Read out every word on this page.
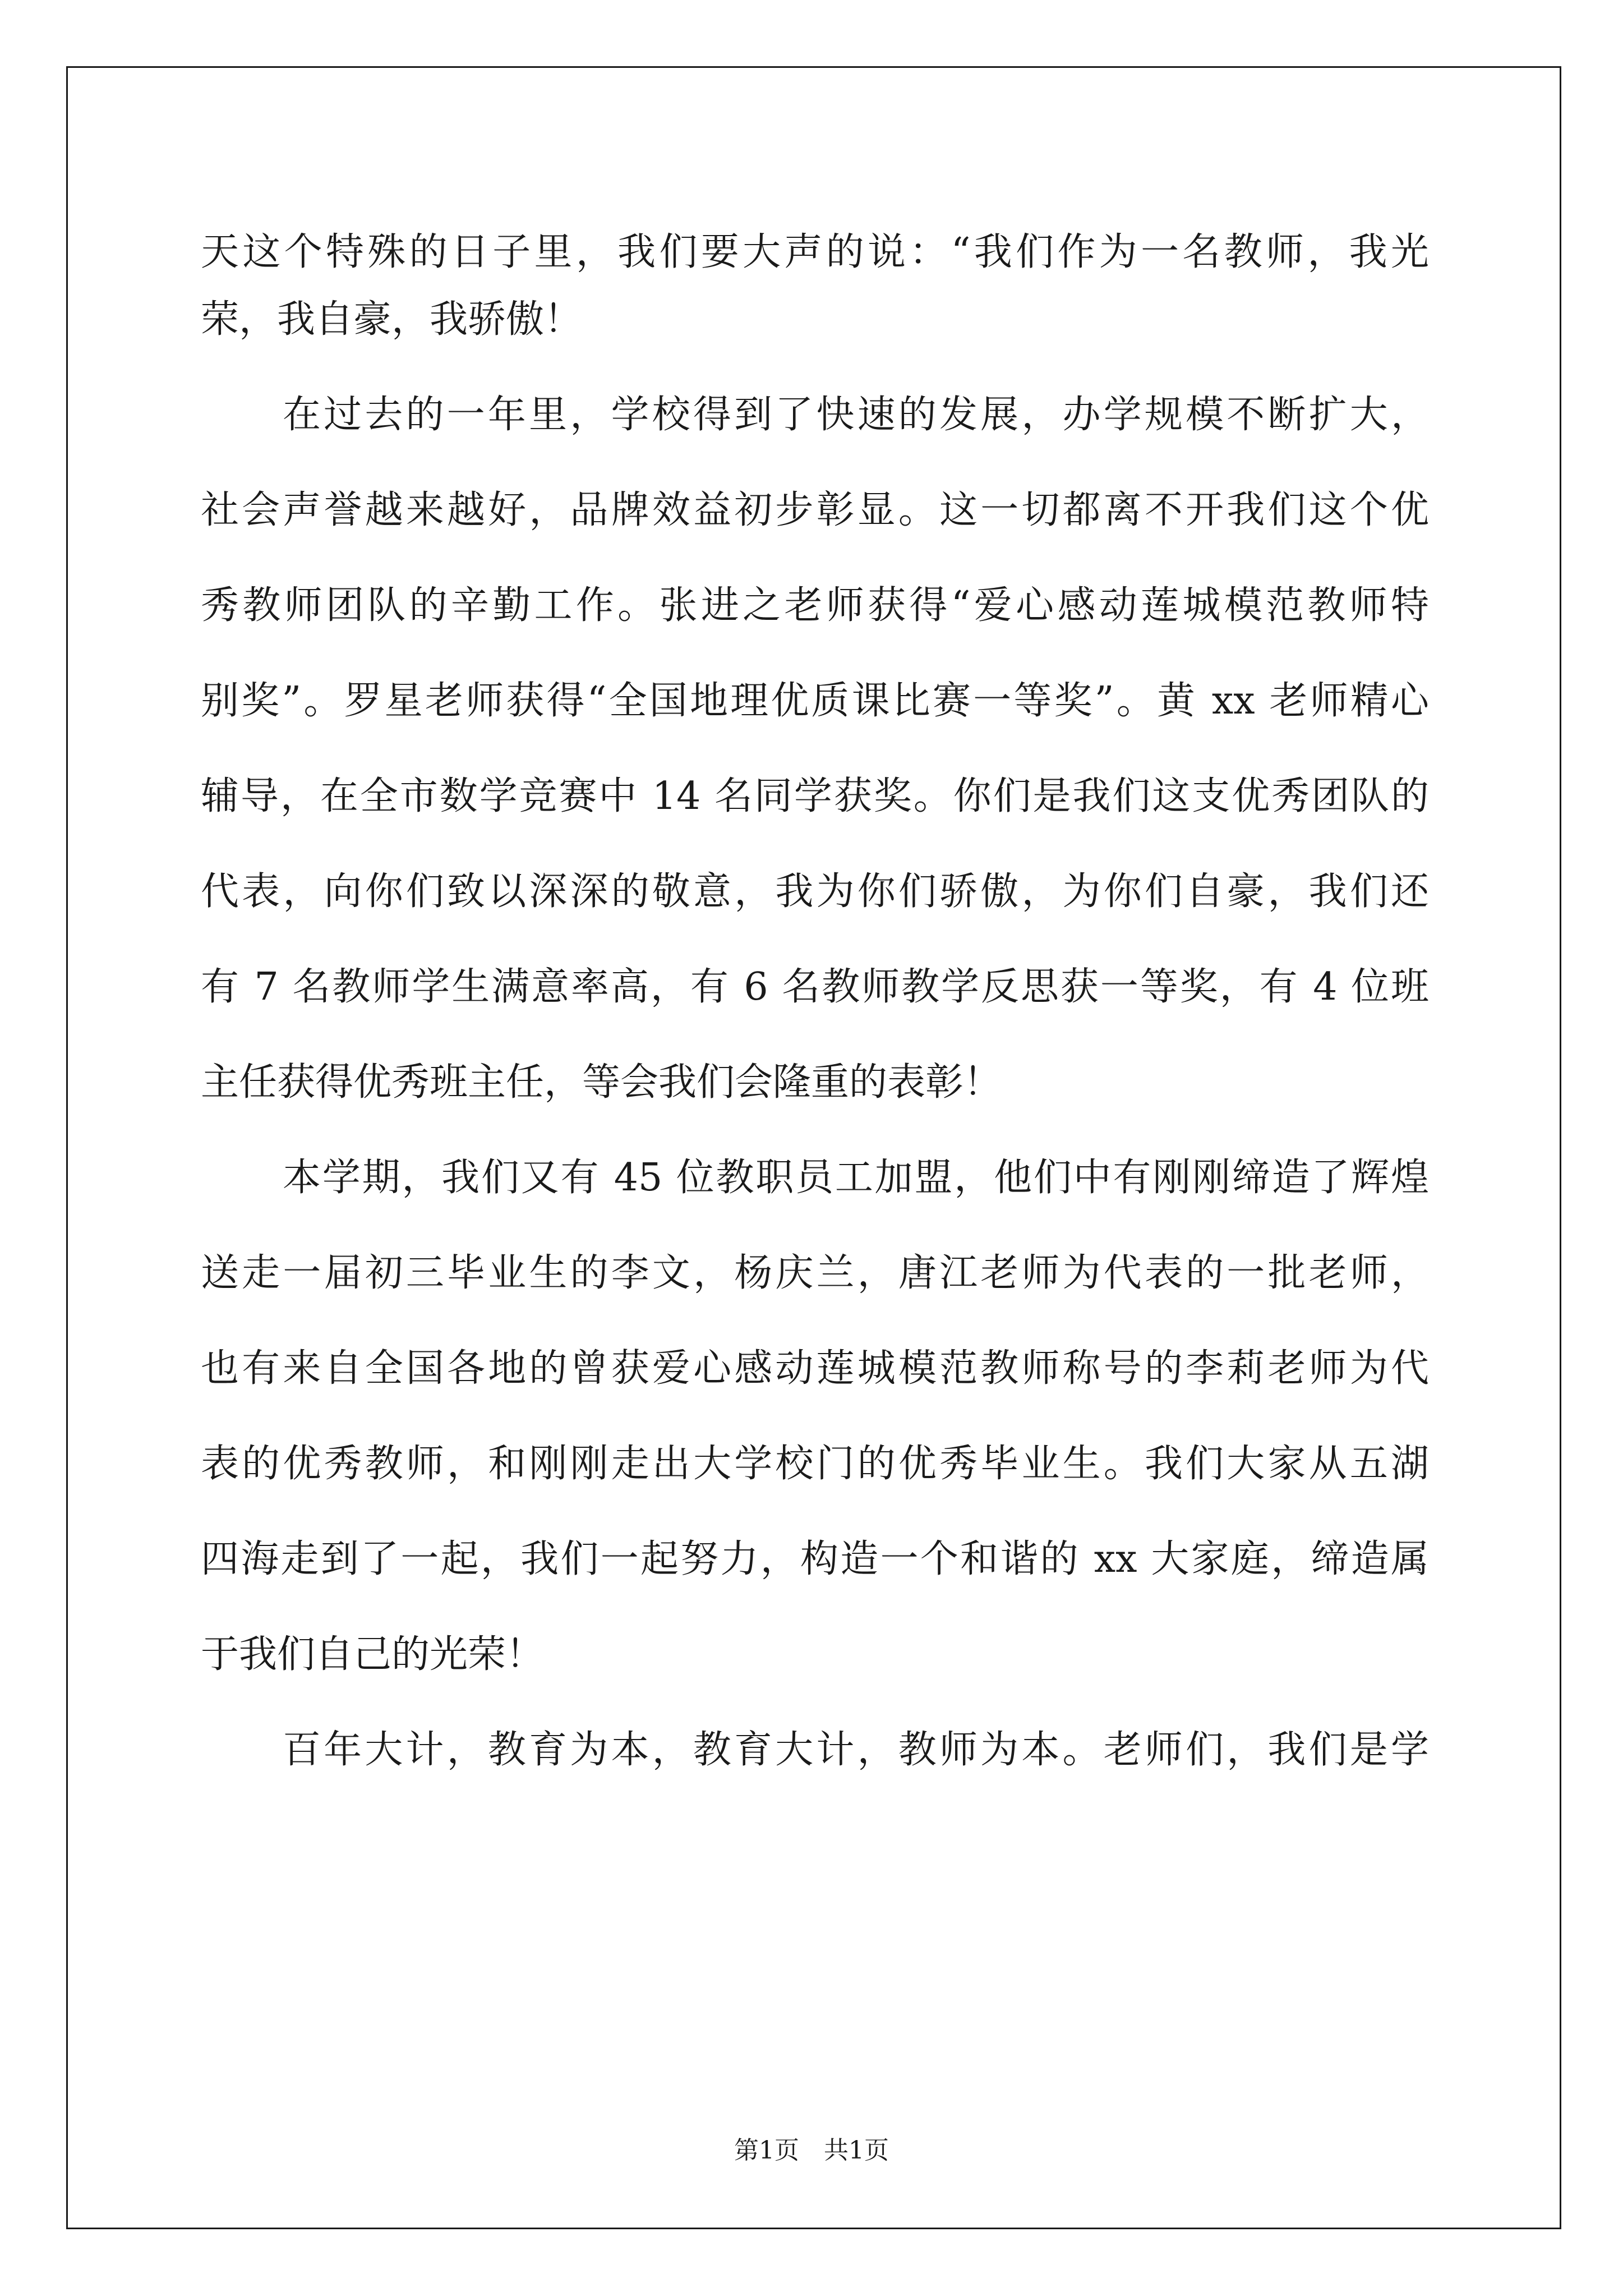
天这个特殊的日子里，我们要大声的说：“我们作为一名教师，我光
荣，我自豪，我骄傲！
在过去的一年里，学校得到了快速的发展，办学规模不断扩大，
社会声誉越来越好，品牌效益初步彰显。这一切都离不开我们这个优
秀教师团队的辛勤工作。张进之老师获得“爱心感动莲城模范教师特
别奖”。罗星老师获得“全国地理优质课比赛一等奖”。黄 xx 老师精心
辅导，在全市数学竞赛中 14 名同学获奖。你们是我们这支优秀团队的
代表，向你们致以深深的敬意，我为你们骄傲，为你们自豪，我们还
有 7 名教师学生满意率高，有 6 名教师教学反思获一等奖，有 4 位班
主任获得优秀班主任，等会我们会隆重的表彰！
本学期，我们又有 45 位教职员工加盟，他们中有刚刚缔造了辉煌
送走一届初三毕业生的李文，杨庆兰，唐江老师为代表的一批老师，
也有来自全国各地的曾获爱心感动莲城模范教师称号的李莉老师为代
表的优秀教师，和刚刚走出大学校门的优秀毕业生。我们大家从五湖
四海走到了一起，我们一起努力，构造一个和谐的 xx 大家庭，缔造属
于我们自己的光荣！
百年大计，教育为本，教育大计，教师为本。老师们，我们是学
第1页　共1页
